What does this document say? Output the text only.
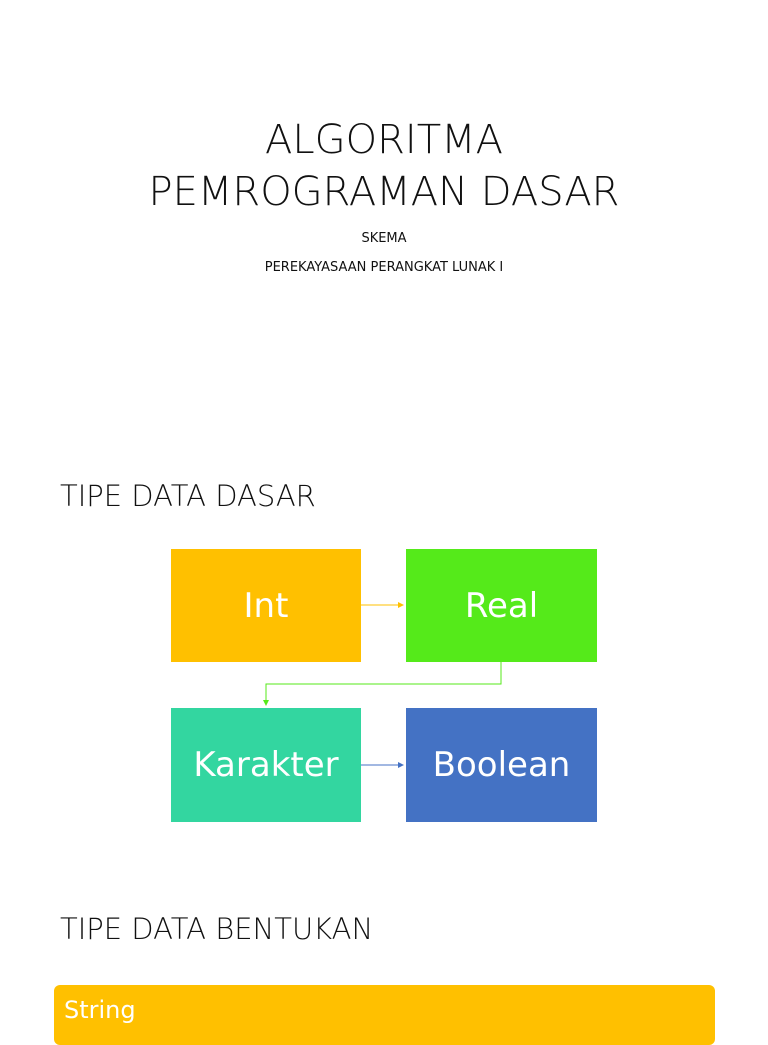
ALGORITMA
PEMROGRAMAN DASAR
SKEMA
PEREKAYASAAN PERANGKAT LUNAK I
TIPE DATA DASAR
Int	Real
Karakter	Boolean
TIPE DATA BENTUKAN
String
